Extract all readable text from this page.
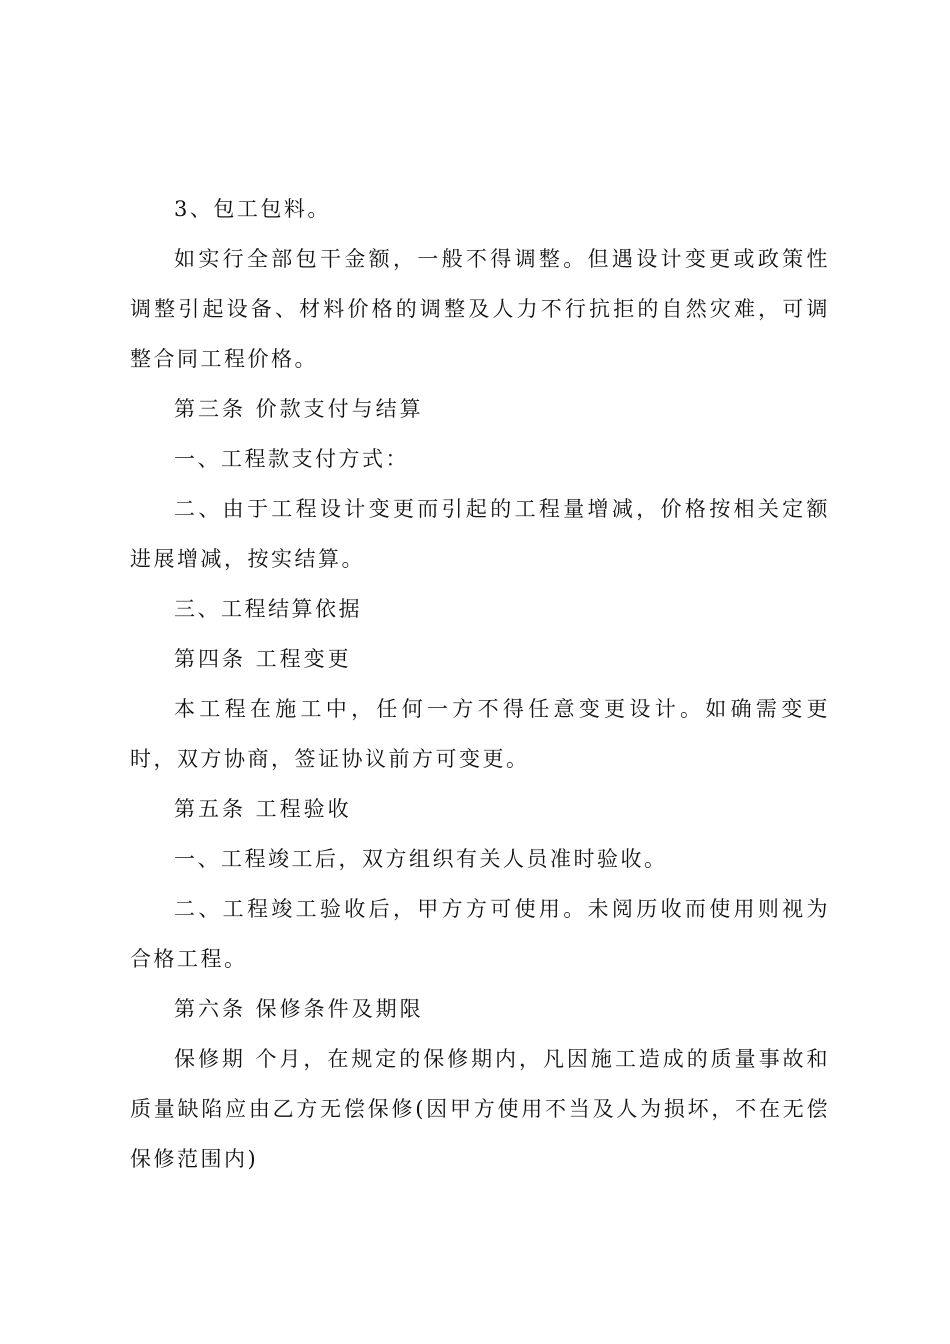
3、包工包料。

如实行全部包干金额，一般不得调整。但遇设计变更或政策性调整引起设备、材料价格的调整及人力不行抗拒的自然灾难，可调整合同工程价格。

第三条 价款支付与结算

一、工程款支付方式：

二、由于工程设计变更而引起的工程量增减，价格按相关定额进展增减，按实结算。

三、工程结算依据

第四条 工程变更

本工程在施工中，任何一方不得任意变更设计。如确需变更时，双方协商，签证协议前方可变更。

第五条 工程验收

一、工程竣工后，双方组织有关人员准时验收。

二、工程竣工验收后，甲方方可使用。未阅历收而使用则视为合格工程。

第六条 保修条件及期限

保修期 个月，在规定的保修期内，凡因施工造成的质量事故和质量缺陷应由乙方无偿保修(因甲方使用不当及人为损坏，不在无偿保修范围内)
